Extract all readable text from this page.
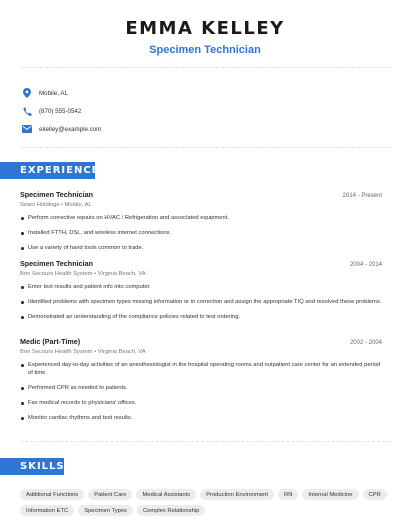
EMMA KELLEY
Specimen Technician
Mobile, AL
(870) 555-0542
ekelley@example.com
EXPERIENCE
Specimen Technician	2014 - Present
Sears Holdings • Mobile, AL
Perform corrective repairs on HVAC / Refrigeration and associated equipment.
Installed FTTH, DSL, and wireless internet connections.
Use a variety of hand tools common to trade.
Specimen Technician	2004 - 2014
Bon Secours Health System • Virginia Beach, VA
Enter test results and patient info into computer.
Identified problems with specimen types missing information or in correction and assign the appropriate TIQ and resolved these problems.
Demonstrated an understanding of the compliance policies related to test ordering.
Medic (Part-Time)	2002 - 2004
Bon Secours Health System • Virginia Beach, VA
Experienced day-to-day activities of an anesthesiologist in the hospital operating rooms and outpatient care center for an extended period of time.
Performed CPR as needed to patients.
Fax medical records to physicians' offices.
Monitor cardiac rhythms and test results.
SKILLS
Additional Functions	Patient Care	Medical Assistants	Production Environment	RN	Internal Medicine	CPR
Information ETC	Specimen Types	Complex Relationship
